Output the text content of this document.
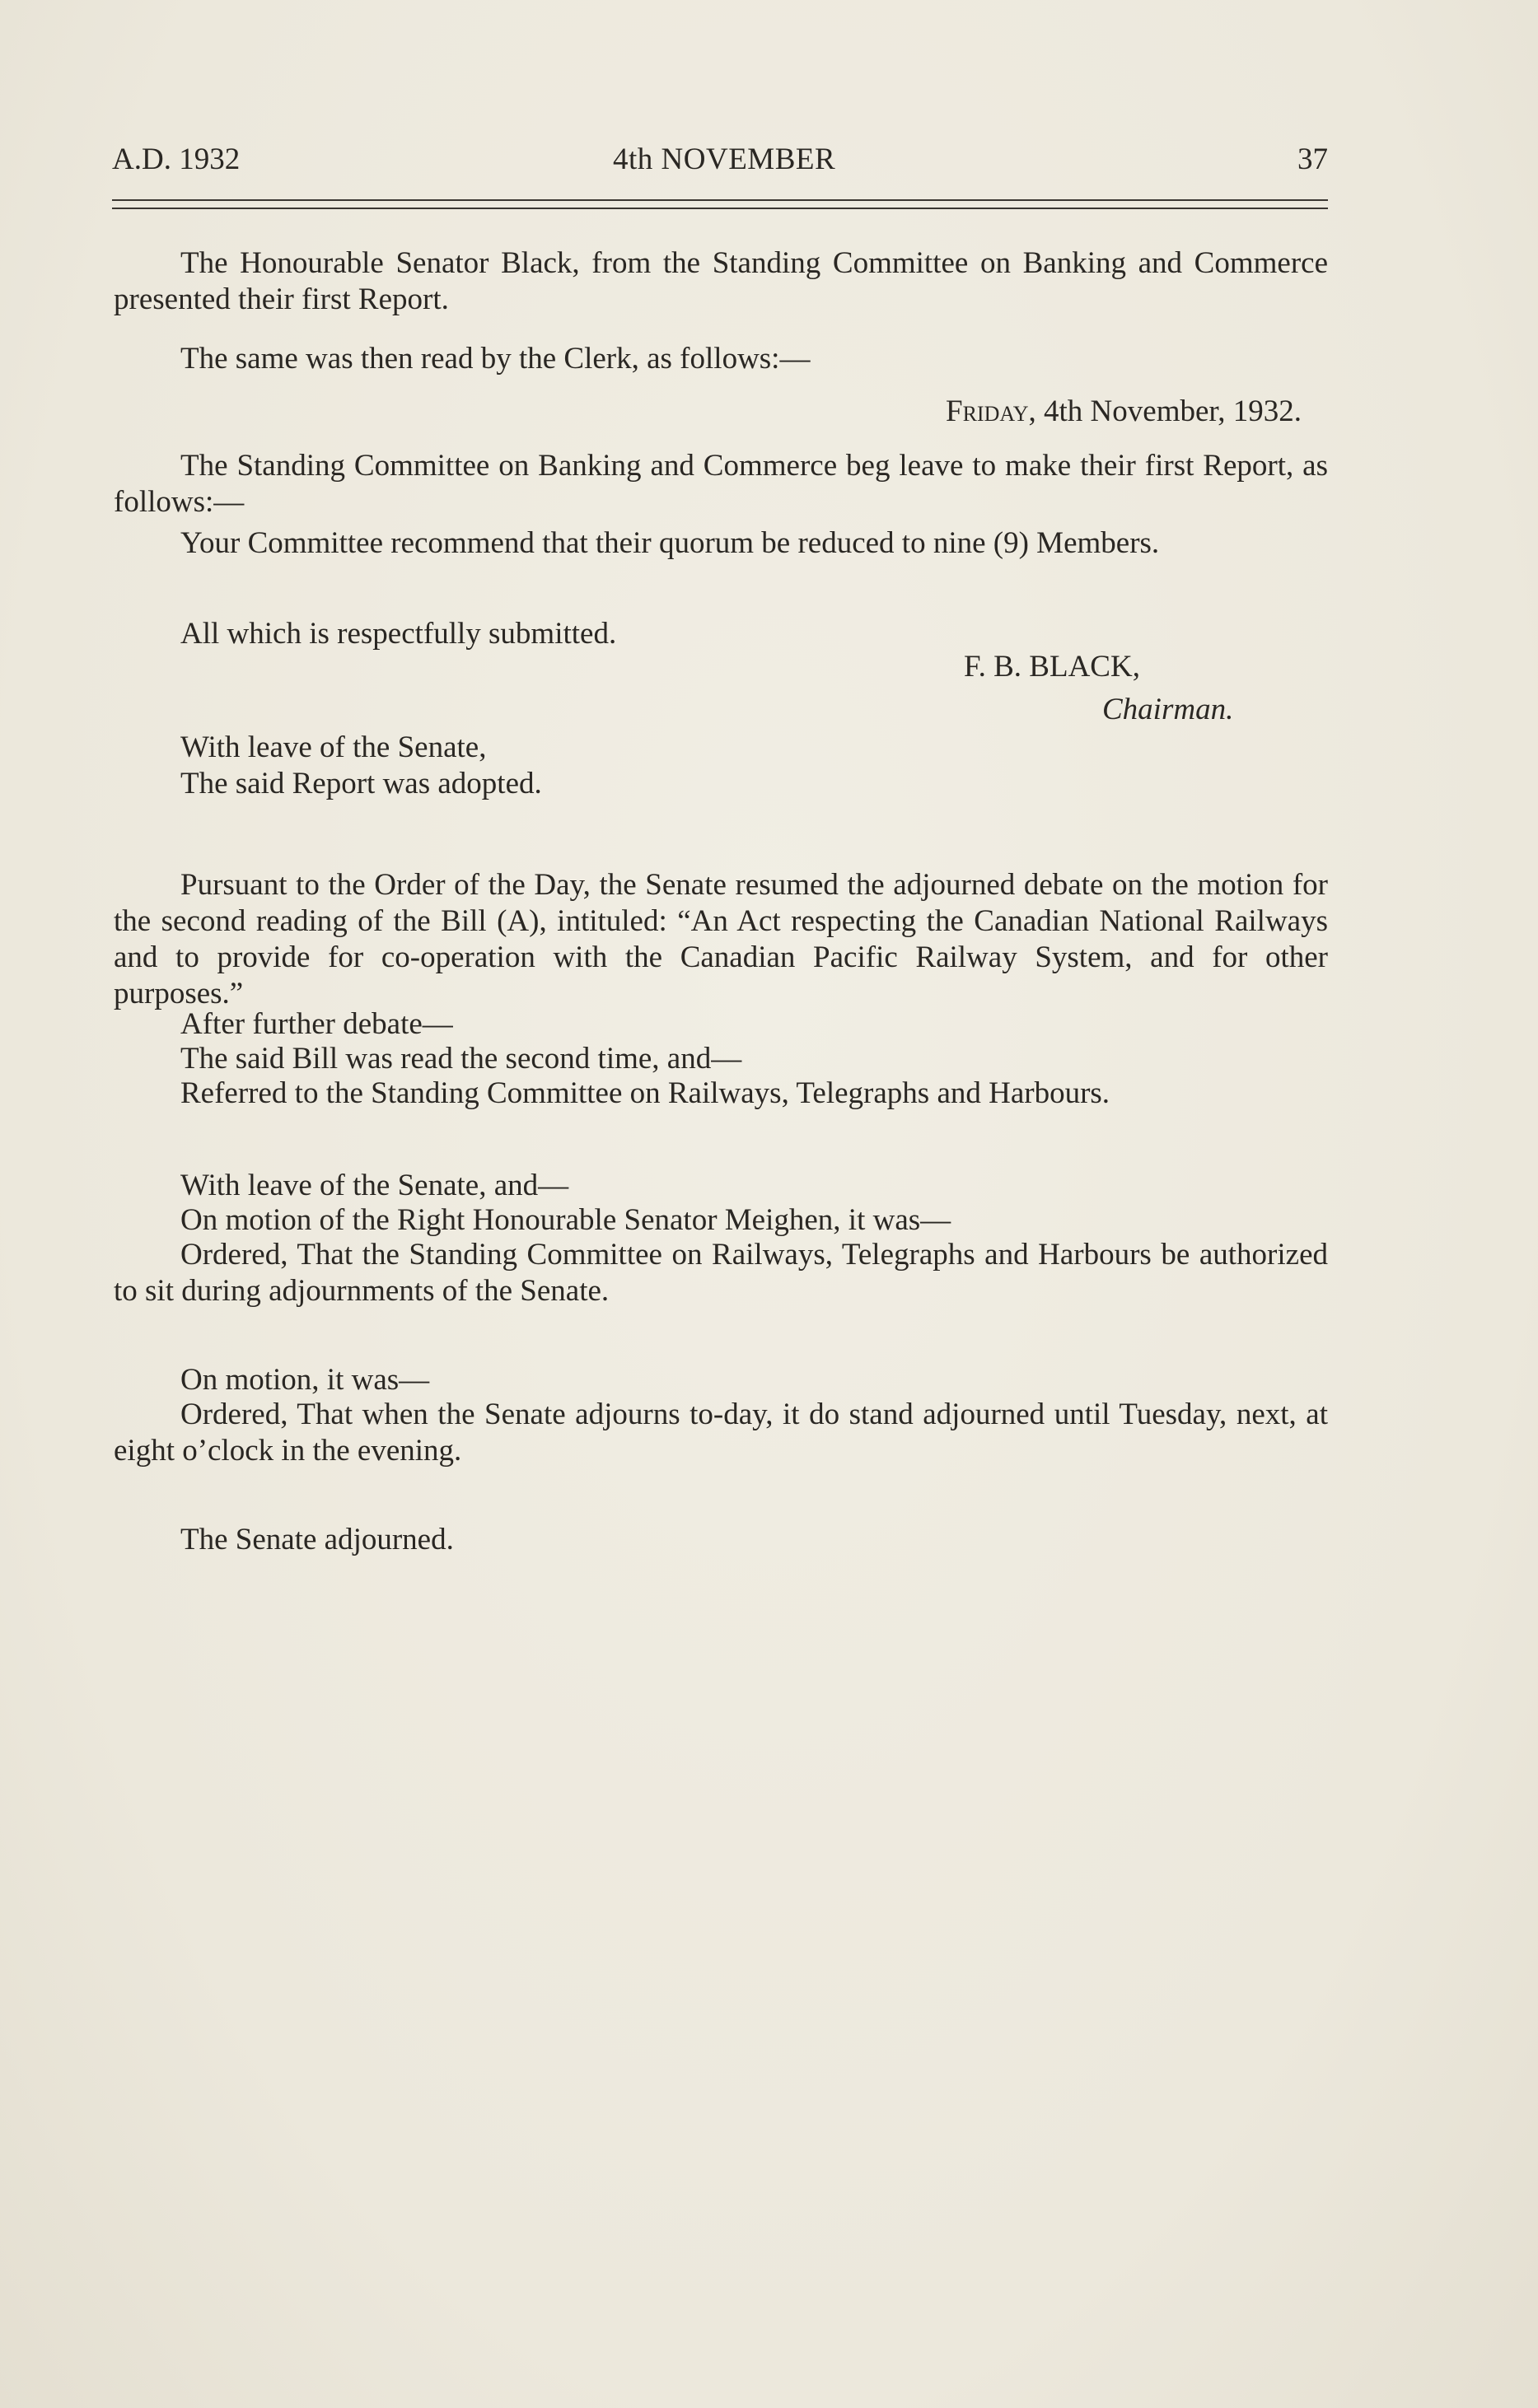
A.D. 1932	4th NOVEMBER	37

The Honourable Senator Black, from the Standing Committee on Banking and Commerce presented their first Report.

The same was then read by the Clerk, as follows:—

Friday, 4th November, 1932.

The Standing Committee on Banking and Commerce beg leave to make their first Report, as follows:—

Your Committee recommend that their quorum be reduced to nine (9) Members.

All which is respectfully submitted.

F. B. BLACK,

Chairman.

With leave of the Senate,

The said Report was adopted.

Pursuant to the Order of the Day, the Senate resumed the adjourned debate on the motion for the second reading of the Bill (A), intituled: “An Act respecting the Canadian National Railways and to provide for co-operation with the Canadian Pacific Railway System, and for other purposes.”

After further debate—

The said Bill was read the second time, and—

Referred to the Standing Committee on Railways, Telegraphs and Harbours.

With leave of the Senate, and—

On motion of the Right Honourable Senator Meighen, it was—

Ordered, That the Standing Committee on Railways, Telegraphs and Harbours be authorized to sit during adjournments of the Senate.

On motion, it was—

Ordered, That when the Senate adjourns to-day, it do stand adjourned until Tuesday, next, at eight o’clock in the evening.

The Senate adjourned.
